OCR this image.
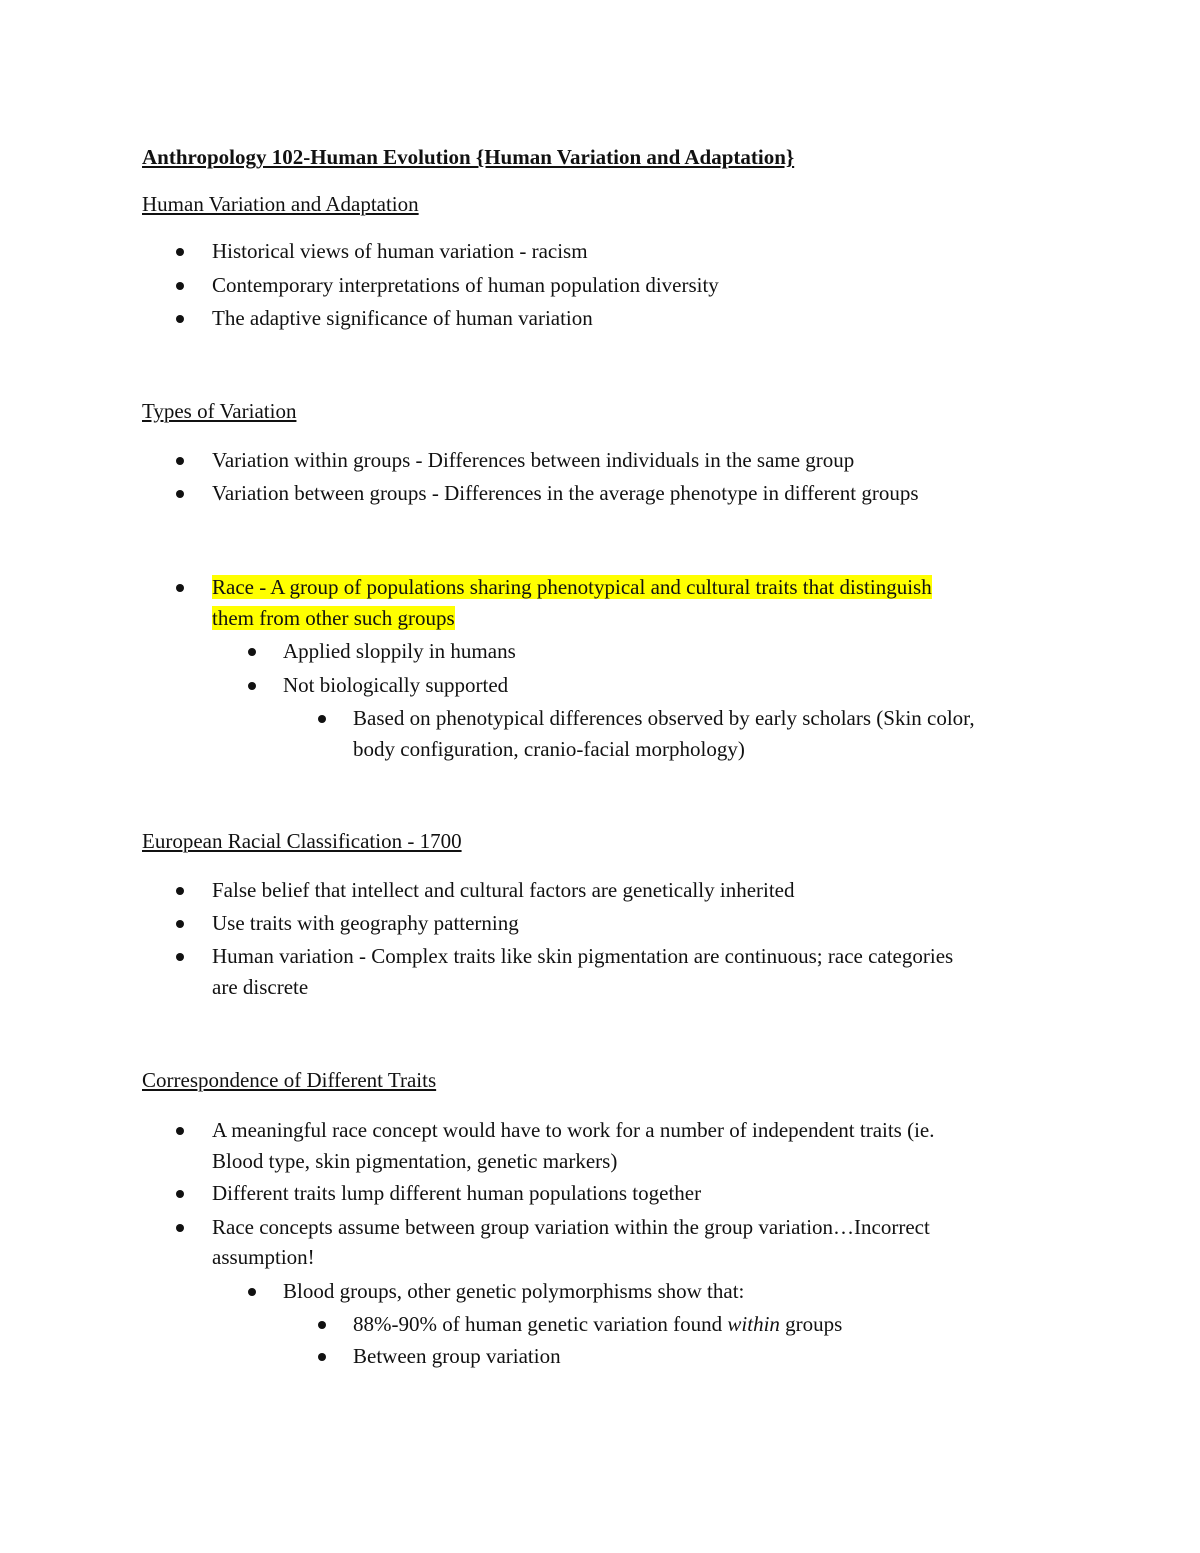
Anthropology 102-Human Evolution {Human Variation and Adaptation}
Human Variation and Adaptation
Historical views of human variation - racism
Contemporary interpretations of human population diversity
The adaptive significance of human variation
Types of Variation
Variation within groups - Differences between individuals in the same group
Variation between groups - Differences in the average phenotype in different groups
Race - A group of populations sharing phenotypical and cultural traits that distinguish
them from other such groups
Applied sloppily in humans
Not biologically supported
Based on phenotypical differences observed by early scholars (Skin color,
body configuration, cranio-facial morphology)
European Racial Classification - 1700
False belief that intellect and cultural factors are genetically inherited
Use traits with geography patterning
Human variation - Complex traits like skin pigmentation are continuous; race categories
are discrete
Correspondence of Different Traits
A meaningful race concept would have to work for a number of independent traits (ie.
Blood type, skin pigmentation, genetic markers)
Different traits lump different human populations together
Race concepts assume between group variation within the group variation…Incorrect
assumption!
Blood groups, other genetic polymorphisms show that:
88%-90% of human genetic variation found within groups
Between group variation
